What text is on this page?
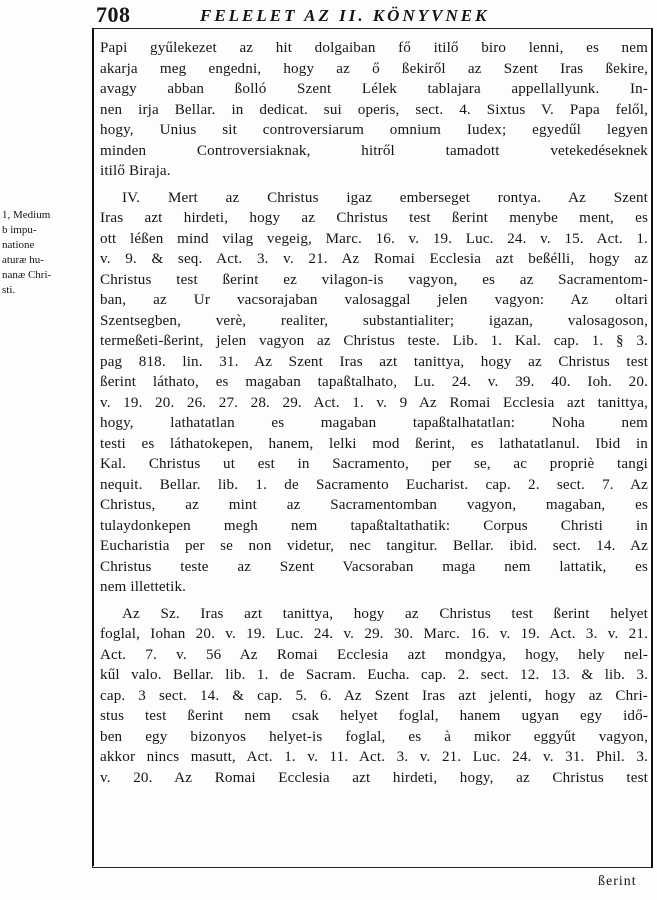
708	FELELET AZ II. KÖNYVNEK
1, Medium
b impu-
natione
aturæ hu-
nanæ Chri-
sti.
Papi gyűlekezet az hit dolgaiban fő itilő biro lenni, es nem
akarja meg engedni, hogy az ő ßekiről az Szent Iras ßekire,
avagy abban ßolló Szent Lélek tablajara appellallyunk. In-
nen irja Bellar. in dedicat. sui operis, sect. 4. Sixtus V. Papa felől,
hogy, Unius sit controversiarum omnium Iudex; egyedűl legyen
minden Controversiaknak, hitről tamadott vetekedéseknek
itilő Biraja.
IV. Mert az Christus igaz emberseget rontya. Az Szent
Iras azt hirdeti, hogy az Christus test ßerint menybe ment, es
ott léßen mind vilag vegeig, Marc. 16. v. 19. Luc. 24. v. 15. Act. 1.
v. 9. & seq. Act. 3. v. 21. Az Romai Ecclesia azt beßélli, hogy az
Christus test ßerint ez vilagon-is vagyon, es az Sacramentom-
ban, az Ur vacsorajaban valosaggal jelen vagyon: Az oltari
Szentsegben, verè, realiter, substantialiter; igazan, valosagoson,
termeßeti-ßerint, jelen vagyon az Christus teste. Lib. 1. Kal. cap. 1. § 3.
pag 818. lin. 31. Az Szent Iras azt tanittya, hogy az Christus test
ßerint láthato, es magaban tapaßtalhato, Lu. 24. v. 39. 40. Ioh. 20.
v. 19. 20. 26. 27. 28. 29. Act. 1. v. 9 Az Romai Ecclesia azt tanittya,
hogy, lathatatlan es magaban tapaßtalhatatlan: Noha nem
testi es láthatokepen, hanem, lelki mod ßerint, es lathatatlanul. Ibid in
Kal. Christus ut est in Sacramento, per se, ac propriè tangi
nequit. Bellar. lib. 1. de Sacramento Eucharist. cap. 2. sect. 7. Az
Christus, az mint az Sacramentomban vagyon, magaban, es
tulaydonkepen megh nem tapaßtaltathatik: Corpus Christi in
Eucharistia per se non videtur, nec tangitur. Bellar. ibid. sect. 14. Az
Christus teste az Szent Vacsoraban maga nem lattatik, es
nem illettetik.
Az Sz. Iras azt tanittya, hogy az Christus test ßerint helyet
foglal, Iohan 20. v. 19. Luc. 24. v. 29. 30. Marc. 16. v. 19. Act. 3. v. 21.
Act. 7. v. 56 Az Romai Ecclesia azt mondgya, hogy, hely nel-
kűl valo. Bellar. lib. 1. de Sacram. Eucha. cap. 2. sect. 12. 13. & lib. 3.
cap. 3 sect. 14. & cap. 5. 6. Az Szent Iras azt jelenti, hogy az Chri-
stus test ßerint nem csak helyet foglal, hanem ugyan egy idő-
ben egy bizonyos helyet-is foglal, es à mikor eggyűt vagyon,
akkor nincs masutt, Act. 1. v. 11. Act. 3. v. 21. Luc. 24. v. 31. Phil. 3.
v. 20. Az Romai Ecclesia azt hirdeti, hogy, az Christus test
ßerint
